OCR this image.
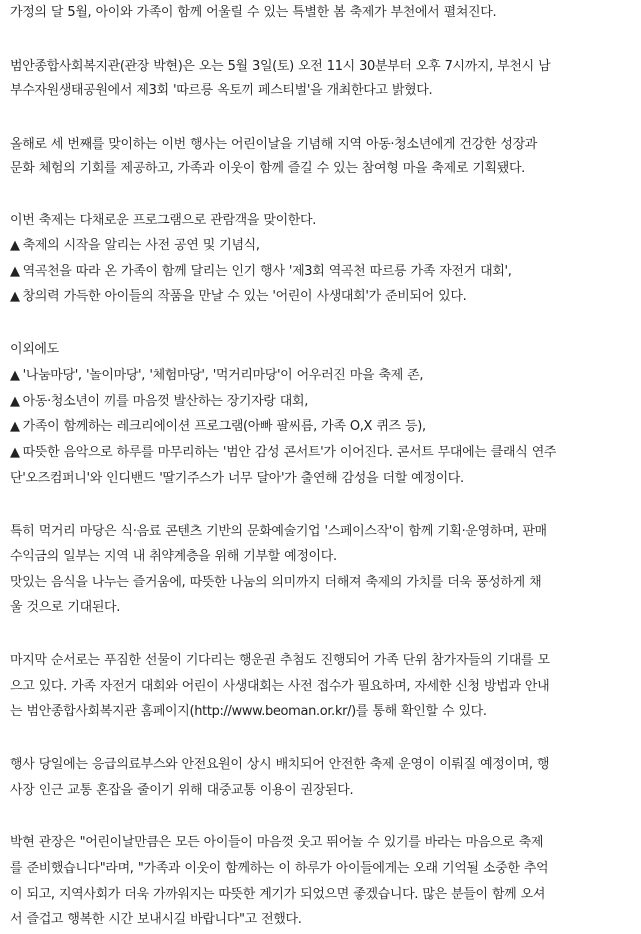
가정의 달 5월, 아이와 가족이 함께 어울릴 수 있는 특별한 봄 축제가 부천에서 펼쳐진다.
범안종합사회복지관(관장 박현)은 오는 5월 3일(토) 오전 11시 30분부터 오후 7시까지, 부천시 남
부수자원생태공원에서 제3회 '따르릉 옥토끼 페스티벌'을 개최한다고 밝혔다.
올해로 세 번째를 맞이하는 이번 행사는 어린이날을 기념해 지역 아동·청소년에게 건강한 성장과
문화 체험의 기회를 제공하고, 가족과 이웃이 함께 즐길 수 있는 참여형 마을 축제로 기획됐다.
이번 축제는 다채로운 프로그램으로 관람객을 맞이한다.
▲ 축제의 시작을 알리는 사전 공연 및 기념식,
▲ 역곡천을 따라 온 가족이 함께 달리는 인기 행사 '제3회 역곡천 따르릉 가족 자전거 대회',
▲ 창의력 가득한 아이들의 작품을 만날 수 있는 '어린이 사생대회'가 준비되어 있다.
이외에도
▲ '나눔마당', '놀이마당', '체험마당', '먹거리마당'이 어우러진 마을 축제 존,
▲ 아동·청소년이 끼를 마음껏 발산하는 장기자랑 대회,
▲ 가족이 함께하는 레크리에이션 프로그램(아빠 팔씨름, 가족 O,X 퀴즈 등),
▲ 따뜻한 음악으로 하루를 마무리하는 '범안 감성 콘서트'가 이어진다. 콘서트 무대에는 클래식 연주
단'오즈컴퍼니'와 인디밴드 '딸기주스가 너무 달아'가 출연해 감성을 더할 예정이다.
특히 먹거리 마당은 식·음료 콘텐츠 기반의 문화예술기업 '스페이스작'이 함께 기획·운영하며, 판매
수익금의 일부는 지역 내 취약계층을 위해 기부할 예정이다.
맛있는 음식을 나누는 즐거움에, 따뜻한 나눔의 의미까지 더해져 축제의 가치를 더욱 풍성하게 채
울 것으로 기대된다.
마지막 순서로는 푸짐한 선물이 기다리는 행운권 추첨도 진행되어 가족 단위 참가자들의 기대를 모
으고 있다. 가족 자전거 대회와 어린이 사생대회는 사전 접수가 필요하며, 자세한 신청 방법과 안내
는 범안종합사회복지관 홈페이지(http://www.beoman.or.kr/)를 통해 확인할 수 있다.
행사 당일에는 응급의료부스와 안전요원이 상시 배치되어 안전한 축제 운영이 이뤄질 예정이며, 행
사장 인근 교통 혼잡을 줄이기 위해 대중교통 이용이 권장된다.
박현 관장은 "어린이날만큼은 모든 아이들이 마음껏 웃고 뛰어놀 수 있기를 바라는 마음으로 축제
를 준비했습니다"라며, "가족과 이웃이 함께하는 이 하루가 아이들에게는 오래 기억될 소중한 추억
이 되고, 지역사회가 더욱 가까워지는 따뜻한 계기가 되었으면 좋겠습니다. 많은 분들이 함께 오셔
서 즐겁고 행복한 시간 보내시길 바랍니다"고 전했다.
